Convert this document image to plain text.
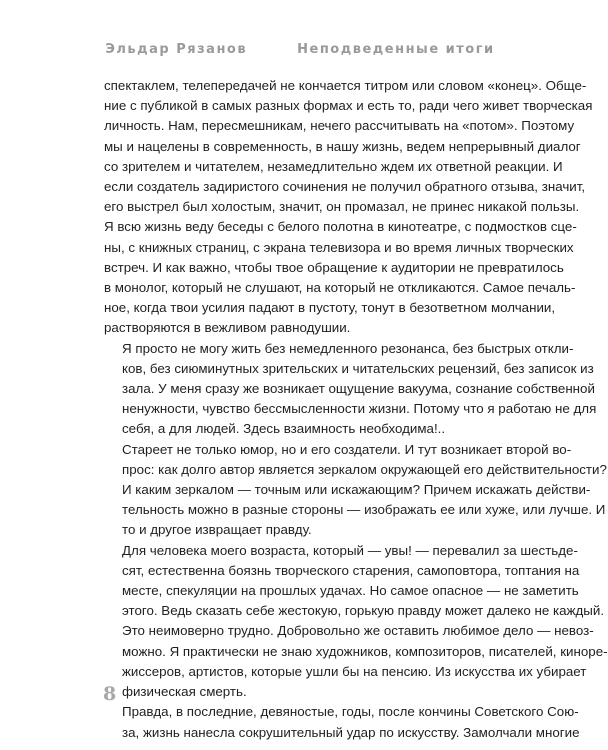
Эльдар Рязанов	Неподведенные итоги

спектаклем, телепередачей не кончается титром или словом «конец». Обще-
ние с публикой в самых разных формах и есть то, ради чего живет творческая
личность. Нам, пересмешникам, нечего рассчитывать на «потом». Поэтому
мы и нацелены в современность, в нашу жизнь, ведем непрерывный диалог
со зрителем и читателем, незамедлительно ждем их ответной реакции. И
если создатель задиристого сочинения не получил обратного отзыва, значит,
его выстрел был холостым, значит, он промазал, не принес никакой пользы.
Я всю жизнь веду беседы с белого полотна в кинотеатре, с подмостков сце-
ны, с книжных страниц, с экрана телевизора и во время личных творческих
встреч. И как важно, чтобы твое обращение к аудитории не превратилось
в монолог, который не слушают, на который не откликаются. Самое печаль-
ное, когда твои усилия падают в пустоту, тонут в безответном молчании,
растворяются в вежливом равнодушии.

Я просто не могу жить без немедленного резонанса, без быстрых откли-
ков, без сиюминутных зрительских и читательских рецензий, без записок из
зала. У меня сразу же возникает ощущение вакуума, сознание собственной
ненужности, чувство бессмысленности жизни. Потому что я работаю не для
себя, а для людей. Здесь взаимность необходима!..

Стареет не только юмор, но и его создатели. И тут возникает второй во-
прос: как долго автор является зеркалом окружающей его действительности?
И каким зеркалом — точным или искажающим? Причем искажать действи-
тельность можно в разные стороны — изображать ее или хуже, или лучше. И
то и другое извращает правду.

Для человека моего возраста, который — увы! — перевалил за шестьде-
сят, естественна боязнь творческого старения, самоповтора, топтания на
месте, спекуляции на прошлых удачах. Но самое опасное — не заметить
этого. Ведь сказать себе жестокую, горькую правду может далеко не каждый.
Это неимоверно трудно. Добровольно же оставить любимое дело — невоз-
можно. Я практически не знаю художников, композиторов, писателей, киноре-
жиссеров, артистов, которые ушли бы на пенсию. Из искусства их убирает
физическая смерть.

Правда, в последние, девяностые, годы, после кончины Советского Сою-
за, жизнь нанесла сокрушительный удар по искусству. Замолчали многие

8
